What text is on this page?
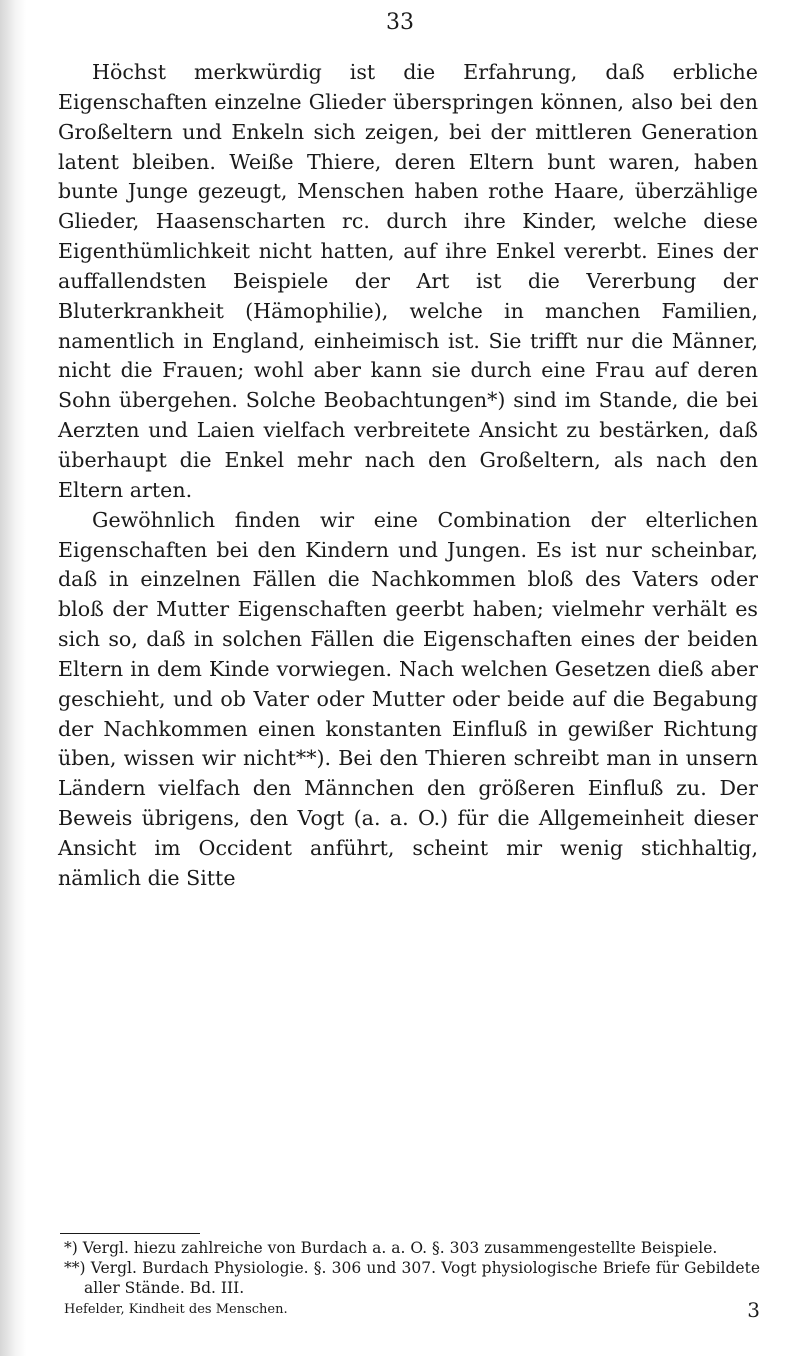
33

Höchst merkwürdig ist die Erfahrung, daß erbliche Eigenschaften einzelne Glieder überspringen können, also bei den Großeltern und Enkeln sich zeigen, bei der mittleren Generation latent bleiben. Weiße Thiere, deren Eltern bunt waren, haben bunte Junge gezeugt, Menschen haben rothe Haare, überzählige Glieder, Haasenscharten rc. durch ihre Kinder, welche diese Eigenthümlichkeit nicht hatten, auf ihre Enkel vererbt. Eines der auffallendsten Beispiele der Art ist die Vererbung der Bluterkrankheit (Hämophilie), welche in manchen Familien, namentlich in England, einheimisch ist. Sie trifft nur die Männer, nicht die Frauen; wohl aber kann sie durch eine Frau auf deren Sohn übergehen. Solche Beobachtungen*) sind im Stande, die bei Aerzten und Laien vielfach verbreitete Ansicht zu bestärken, daß überhaupt die Enkel mehr nach den Großeltern, als nach den Eltern arten.

Gewöhnlich finden wir eine Combination der elterlichen Eigenschaften bei den Kindern und Jungen. Es ist nur scheinbar, daß in einzelnen Fällen die Nachkommen bloß des Vaters oder bloß der Mutter Eigenschaften geerbt haben; vielmehr verhält es sich so, daß in solchen Fällen die Eigenschaften eines der beiden Eltern in dem Kinde vorwiegen. Nach welchen Gesetzen dieß aber geschieht, und ob Vater oder Mutter oder beide auf die Begabung der Nachkommen einen konstanten Einfluß in gewißer Richtung üben, wissen wir nicht**). Bei den Thieren schreibt man in unsern Ländern vielfach den Männchen den größeren Einfluß zu. Der Beweis übrigens, den Vogt (a. a. O.) für die Allgemeinheit dieser Ansicht im Occident anführt, scheint mir wenig stichhaltig, nämlich die Sitte

*) Vergl. hiezu zahlreiche von Burdach a. a. O. §. 303 zusammengestellte Beispiele.

**) Vergl. Burdach Physiologie. §. 306 und 307. Vogt physiologische Briefe für Gebildete aller Stände. Bd. III.

Hefelder, Kindheit des Menschen.	3
